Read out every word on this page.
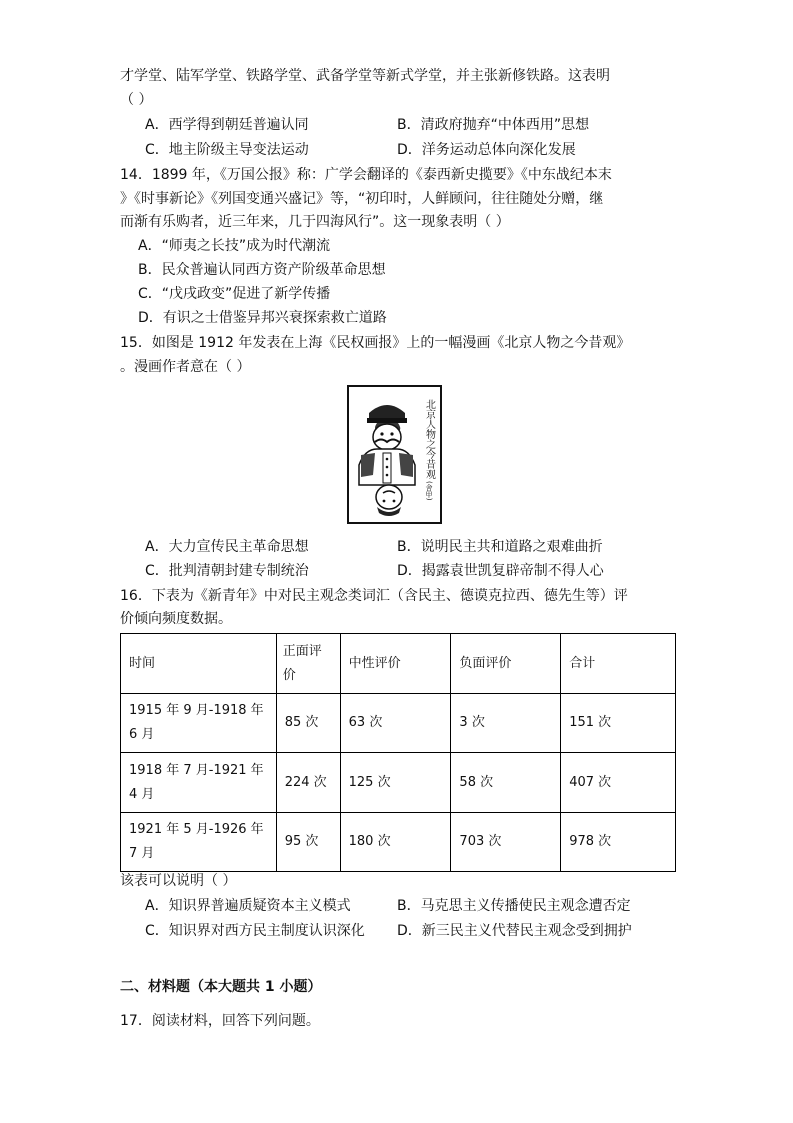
才学堂、陆军学堂、铁路学堂、武备学堂等新式学堂，并主张新修铁路。这表明
（ ）
A．西学得到朝廷普遍认同	B．清政府抛弃“中体西用”思想
C．地主阶级主导变法运动	D．洋务运动总体向深化发展
14．1899 年，《万国公报》称：广学会翻译的《泰西新史揽要》《中东战纪本末
》《时事新论》《列国变通兴盛记》等，“初印时，人鲜顾问，往往随处分赠，继
而渐有乐购者，近三年来，几于四海风行”。这一现象表明（ ）
A．“师夷之长技”成为时代潮流
B．民众普遍认同西方资产阶级革命思想
C．“戊戌政变”促进了新学传播
D．有识之士借鉴异邦兴衰探索救亡道路
15．如图是 1912 年发表在上海《民权画报》上的一幅漫画《北京人物之今昔观》
。漫画作者意在（ ）
北京人物之今昔观
(舍甲)
A．大力宣传民主革命思想	B．说明民主共和道路之艰难曲折
C．批判清朝封建专制统治	D．揭露袁世凯复辟帝制不得人心
16．下表为《新青年》中对民主观念类词汇（含民主、德谟克拉西、德先生等）评
价倾向频度数据。
时间	正面评价	中性评价	负面评价	合计
1915 年 9 月-1918 年 6 月	85 次	63 次	3 次	151 次
1918 年 7 月-1921 年 4 月	224 次	125 次	58 次	407 次
1921 年 5 月-1926 年 7 月	95 次	180 次	703 次	978 次
该表可以说明（ ）
A．知识界普遍质疑资本主义模式	B．马克思主义传播使民主观念遭否定
C．知识界对西方民主制度认识深化 D．新三民主义代替民主观念受到拥护
二、材料题（本大题共 1 小题）
17．阅读材料，回答下列问题。
